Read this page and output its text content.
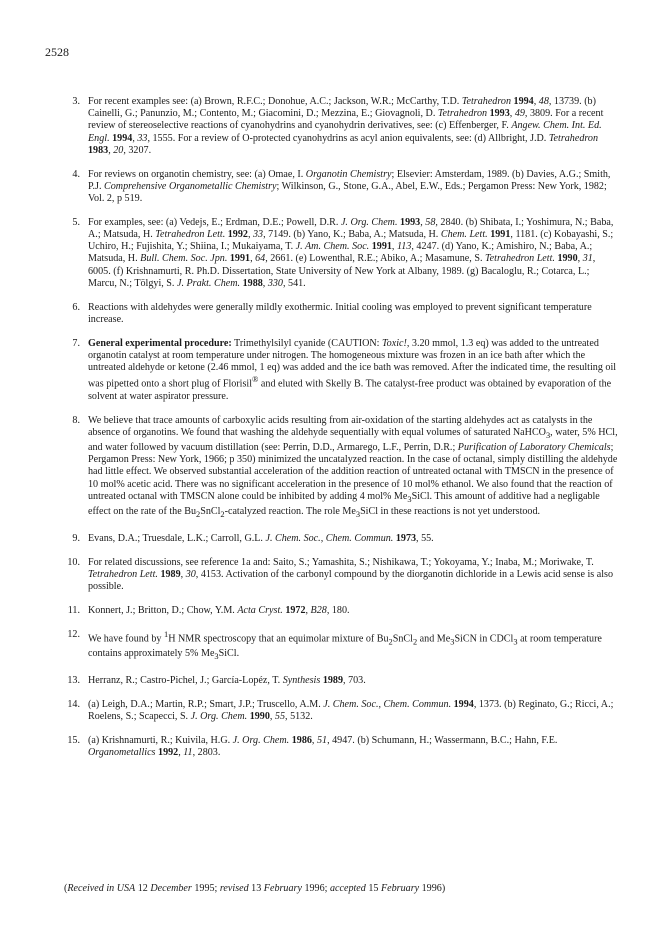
2528
3. For recent examples see: (a) Brown, R.F.C.; Donohue, A.C.; Jackson, W.R.; McCarthy, T.D. Tetrahedron 1994, 48, 13739. (b) Cainelli, G.; Panunzio, M.; Contento, M.; Giacomini, D.; Mezzina, E.; Giovagnoli, D. Tetrahedron 1993, 49, 3809. For a recent review of stereoselective reactions of cyanohydrins and cyanohydrin derivatives, see: (c) Effenberger, F. Angew. Chem. Int. Ed. Engl. 1994, 33, 1555. For a review of O-protected cyanohydrins as acyl anion equivalents, see: (d) Allbright, J.D. Tetrahedron 1983, 20, 3207.
4. For reviews on organotin chemistry, see: (a) Omae, I. Organotin Chemistry; Elsevier: Amsterdam, 1989. (b) Davies, A.G.; Smith, P.J. Comprehensive Organometallic Chemistry; Wilkinson, G., Stone, G.A., Abel, E.W., Eds.; Pergamon Press: New York, 1982; Vol. 2, p 519.
5. For examples, see: (a) Vedejs, E.; Erdman, D.E.; Powell, D.R. J. Org. Chem. 1993, 58, 2840. (b) Shibata, I.; Yoshimura, N.; Baba, A.; Matsuda, H. Tetrahedron Lett. 1992, 33, 7149. (b) Yano, K.; Baba, A.; Matsuda, H. Chem. Lett. 1991, 1181. (c) Kobayashi, S.; Uchiro, H.; Fujishita, Y.; Shiina, I.; Mukaiyama, T. J. Am. Chem. Soc. 1991, 113, 4247. (d) Yano, K.; Amishiro, N.; Baba, A.; Matsuda, H. Bull. Chem. Soc. Jpn. 1991, 64, 2661. (e) Lowenthal, R.E.; Abiko, A.; Masamune, S. Tetrahedron Lett. 1990, 31, 6005. (f) Krishnamurti, R. Ph.D. Dissertation, State University of New York at Albany, 1989. (g) Bacaloglu, R.; Cotarca, L.; Marcu, N.; Tölgyi, S. J. Prakt. Chem. 1988, 330, 541.
6. Reactions with aldehydes were generally mildly exothermic. Initial cooling was employed to prevent significant temperature increase.
7. General experimental procedure: Trimethylsilyl cyanide (CAUTION: Toxic!, 3.20 mmol, 1.3 eq) was added to the untreated organotin catalyst at room temperature under nitrogen. The homogeneous mixture was frozen in an ice bath after which the untreated aldehyde or ketone (2.46 mmol, 1 eq) was added and the ice bath was removed. After the indicated time, the resulting oil was pipetted onto a short plug of Florisil® and eluted with Skelly B. The catalyst-free product was obtained by evaporation of the solvent at water aspirator pressure.
8. We believe that trace amounts of carboxylic acids resulting from air-oxidation of the starting aldehydes act as catalysts in the absence of organotins. We found that washing the aldehyde sequentially with equal volumes of saturated NaHCO$_3$, water, 5% HCl, and water followed by vacuum distillation (see: Perrin, D.D., Armarego, L.F., Perrin, D.R.; Purification of Laboratory Chemicals; Pergamon Press: New York, 1966; p 350) minimized the uncatalyzed reaction. In the case of octanal, simply distilling the aldehyde had little effect. We observed substantial acceleration of the addition reaction of untreated octanal with TMSCN in the presence of 10 mol% acetic acid. There was no significant acceleration in the presence of 10 mol% ethanol. We also found that the reaction of untreated octanal with TMSCN alone could be inhibited by adding 4 mol% $Me_3SiCl$. This amount of additive had a negligable effect on the rate of the $Bu_2SnCl_2$-catalyzed reaction. The role $Me_3SiCl$ in these reactions is not yet understood.
9. Evans, D.A.; Truesdale, L.K.; Carroll, G.L. J. Chem. Soc., Chem. Commun. 1973, 55.
10. For related discussions, see reference 1a and: Saito, S.; Yamashita, S.; Nishikawa, T.; Yokoyama, Y.; Inaba, M.; Moriwake, T. Tetrahedron Lett. 1989, 30, 4153. Activation of the carbonyl compound by the diorganotin dichloride in a Lewis acid sense is also possible.
11. Konnert, J.; Britton, D.; Chow, Y.M. Acta Cryst. 1972, B28, 180.
12. We have found by $^1$H NMR spectroscopy that an equimolar mixture of $Bu_2SnCl_2$ and $Me_3SiCN$ in CDCl$_3$ at room temperature contains approximately 5% $Me_3SiCl$.
13. Herranz, R.; Castro-Pichel, J.; García-Lopéz, T. Synthesis 1989, 703.
14. (a) Leigh, D.A.; Martin, R.P.; Smart, J.P.; Truscello, A.M. J. Chem. Soc., Chem. Commun. 1994, 1373. (b) Reginato, G.; Ricci, A.; Roelens, S.; Scapecci, S. J. Org. Chem. 1990, 55, 5132.
15. (a) Krishnamurti, R.; Kuivila, H.G. J. Org. Chem. 1986, 51, 4947. (b) Schumann, H.; Wassermann, B.C.; Hahn, F.E. Organometallics 1992, 11, 2803.
(Received in USA 12 December 1995; revised 13 February 1996; accepted 15 February 1996)
